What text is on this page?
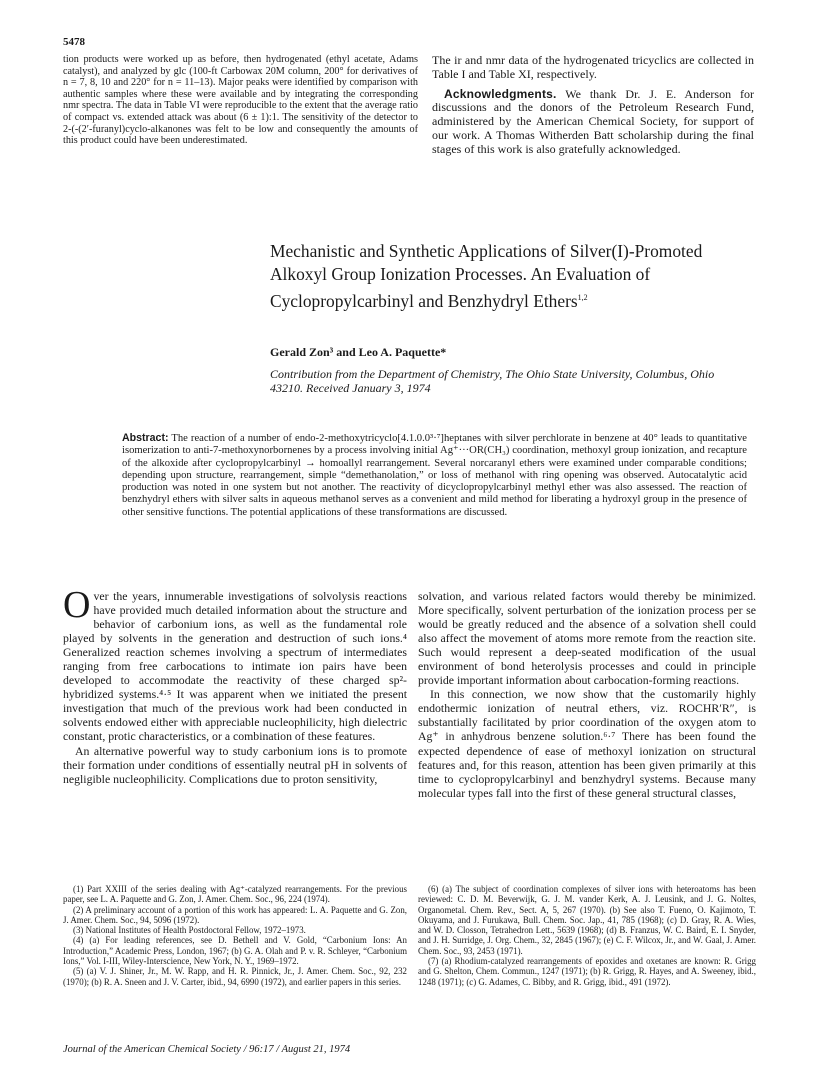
5478
tion products were worked up as before, then hydrogenated (ethyl acetate, Adams catalyst), and analyzed by glc (100-ft Carbowax 20M column, 200° for derivatives of n = 7, 8, 10 and 220° for n = 11–13). Major peaks were identified by comparison with authentic samples where these were available and by integrating the corresponding nmr spectra. The data in Table VI were reproducible to the extent that the average ratio of compact vs. extended attack was about (6 ± 1):1. The sensitivity of the detector to 2-(-(2′-furanyl)cyclo-alkanones was felt to be low and consequently the amounts of this product could have been underestimated.

The ir and nmr data of the hydrogenated tricyclics are collected in Table I and Table XI, respectively.

Acknowledgments. We thank Dr. J. E. Anderson for discussions and the donors of the Petroleum Research Fund, administered by the American Chemical Society, for support of our work. A Thomas Witherden Batt scholarship during the final stages of this work is also gratefully acknowledged.

Mechanistic and Synthetic Applications of Silver(I)-Promoted Alkoxyl Group Ionization Processes. An Evaluation of Cyclopropylcarbinyl and Benzhydryl Ethers$^{1,2}$
Gerald Zon³ and Leo A. Paquette*
Contribution from the Department of Chemistry, The Ohio State University, Columbus, Ohio 43210. Received January 3, 1974
Abstract: The reaction of a number of endo-2-methoxytricyclo[4.1.0.0³·⁷]heptanes with silver perchlorate in benzene at 40° leads to quantitative isomerization to anti-7-methoxynorbornenes by a process involving initial Ag⁺···OR(CH₃) coordination, methoxyl group ionization, and recapture of the alkoxide after cyclopropylcarbinyl → homoallyl rearrangement. Several norcaranyl ethers were examined under comparable conditions; depending upon structure, rearrangement, simple “demethanolation,” or loss of methanol with ring opening was observed. Autocatalytic acid production was noted in one system but not another. The reactivity of dicyclopropylcarbinyl methyl ether was also assessed. The reaction of benzhydryl ethers with silver salts in aqueous methanol serves as a convenient and mild method for liberating a hydroxyl group in the presence of other sensitive functions. The potential applications of these transformations are discussed.

Over the years, innumerable investigations of solvolysis reactions have provided much detailed information about the structure and behavior of carbonium ions, as well as the fundamental role played by solvents in the generation and destruction of such ions.⁴ Generalized reaction schemes involving a spectrum of intermediates ranging from free carbocations to intimate ion pairs have been developed to accommodate the reactivity of these charged sp²-hybridized systems.⁴·⁵ It was apparent when we initiated the present investigation that much of the previous work had been conducted in solvents endowed either with appreciable nucleophilicity, high dielectric constant, protic characteristics, or a combination of these features.

An alternative powerful way to study carbonium ions is to promote their formation under conditions of essentially neutral pH in solvents of negligible nucleophilicity. Complications due to proton sensitivity,

solvation, and various related factors would thereby be minimized. More specifically, solvent perturbation of the ionization process per se would be greatly reduced and the absence of a solvation shell could also affect the movement of atoms more remote from the reaction site. Such would represent a deep-seated modification of the usual environment of bond heterolysis processes and could in principle provide important information about carbocation-forming reactions.

In this connection, we now show that the customarily highly endothermic ionization of neutral ethers, viz. ROCHR′R″, is substantially facilitated by prior coordination of the oxygen atom to Ag⁺ in anhydrous benzene solution.⁶·⁷ There has been found the expected dependence of ease of methoxyl ionization on structural features and, for this reason, attention has been given primarily at this time to cyclopropylcarbinyl and benzhydryl systems. Because many molecular types fall into the first of these general structural classes,

(1) Part XXIII of the series dealing with Ag⁺-catalyzed rearrangements. For the previous paper, see L. A. Paquette and G. Zon, J. Amer. Chem. Soc., 96, 224 (1974).

(2) A preliminary account of a portion of this work has appeared: L. A. Paquette and G. Zon, J. Amer. Chem. Soc., 94, 5096 (1972).

(3) National Institutes of Health Postdoctoral Fellow, 1972–1973.

(4) (a) For leading references, see D. Bethell and V. Gold, “Carbonium Ions: An Introduction,” Academic Press, London, 1967; (b) G. A. Olah and P. v. R. Schleyer, “Carbonium Ions,” Vol. I-III, Wiley-Interscience, New York, N. Y., 1969–1972.

(5) (a) V. J. Shiner, Jr., M. W. Rapp, and H. R. Pinnick, Jr., J. Amer. Chem. Soc., 92, 232 (1970); (b) R. A. Sneen and J. V. Carter, ibid., 94, 6990 (1972), and earlier papers in this series.

(6) (a) The subject of coordination complexes of silver ions with heteroatoms has been reviewed: C. D. M. Beverwijk, G. J. M. vander Kerk, A. J. Leusink, and J. G. Noltes, Organometal. Chem. Rev., Sect. A, 5, 267 (1970). (b) See also T. Fueno, O. Kajimoto, T. Okuyama, and J. Furukawa, Bull. Chem. Soc. Jap., 41, 785 (1968); (c) D. Gray, R. A. Wies, and W. D. Closson, Tetrahedron Lett., 5639 (1968); (d) B. Franzus, W. C. Baird, E. I. Snyder, and J. H. Surridge, J. Org. Chem., 32, 2845 (1967); (e) C. F. Wilcox, Jr., and W. Gaal, J. Amer. Chem. Soc., 93, 2453 (1971).

(7) (a) Rhodium-catalyzed rearrangements of epoxides and oxetanes are known: R. Grigg and G. Shelton, Chem. Commun., 1247 (1971); (b) R. Grigg, R. Hayes, and A. Sweeney, ibid., 1248 (1971); (c) G. Adames, C. Bibby, and R. Grigg, ibid., 491 (1972).

Journal of the American Chemical Society / 96:17 / August 21, 1974
